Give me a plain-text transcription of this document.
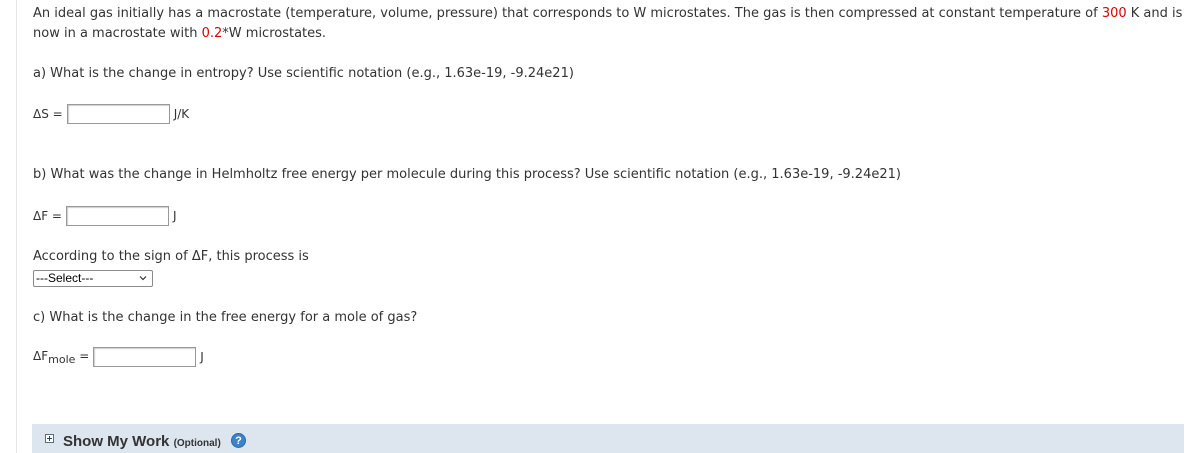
An ideal gas initially has a macrostate (temperature, volume, pressure) that corresponds to W microstates. The gas is then compressed at constant temperature of 300 K and is now in a macrostate with 0.2*W microstates.

a) What is the change in entropy? Use scientific notation (e.g., 1.63e-19, -9.24e21)

ΔS =	J/K

b) What was the change in Helmholtz free energy per molecule during this process? Use scientific notation (e.g., 1.63e-19, -9.24e21)

ΔF =	J

According to the sign of ΔF, this process is

---Select---

c) What is the change in the free energy for a mole of gas?

$\Delta F_{mole}$ =	J
Show My Work (Optional)	?
